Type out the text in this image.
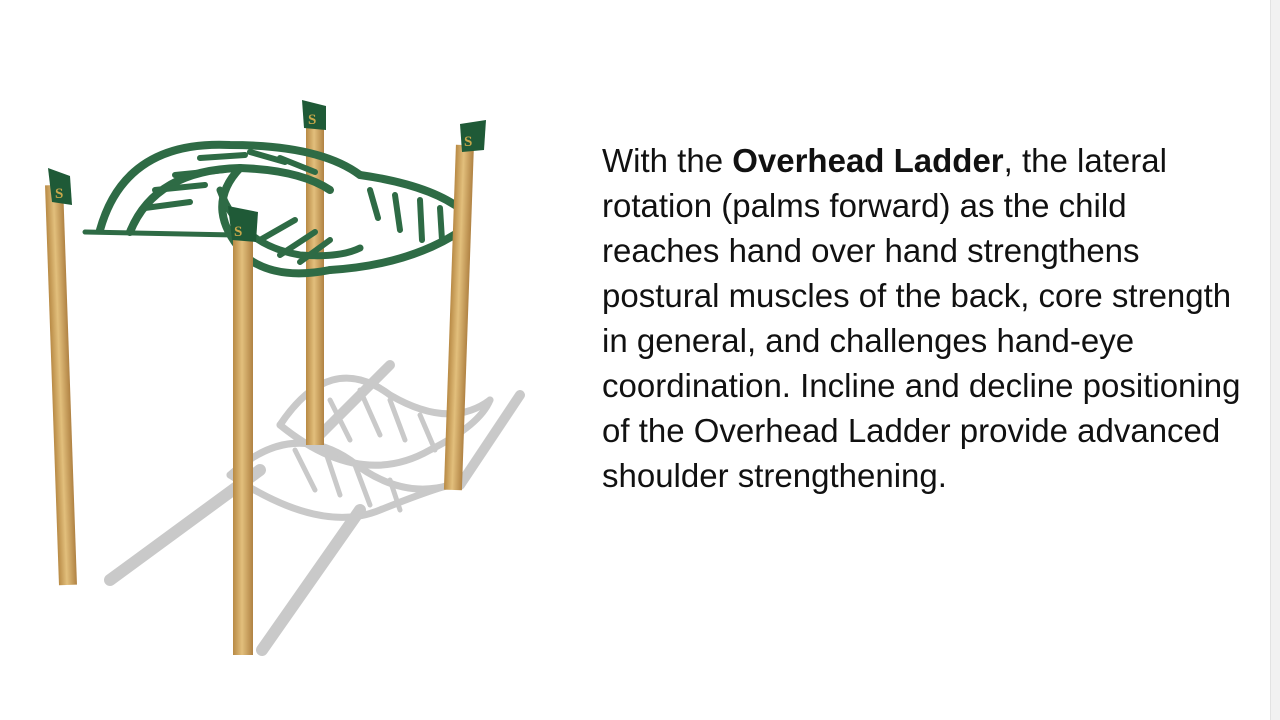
S
S
S
S
With the Overhead Ladder, the lateral rotation (palms forward) as the child reaches hand over hand strengthens postural muscles of the back, core strength in general, and challenges hand-eye coordination. Incline and decline positioning of the Overhead Ladder provide advanced shoulder strengthening.
